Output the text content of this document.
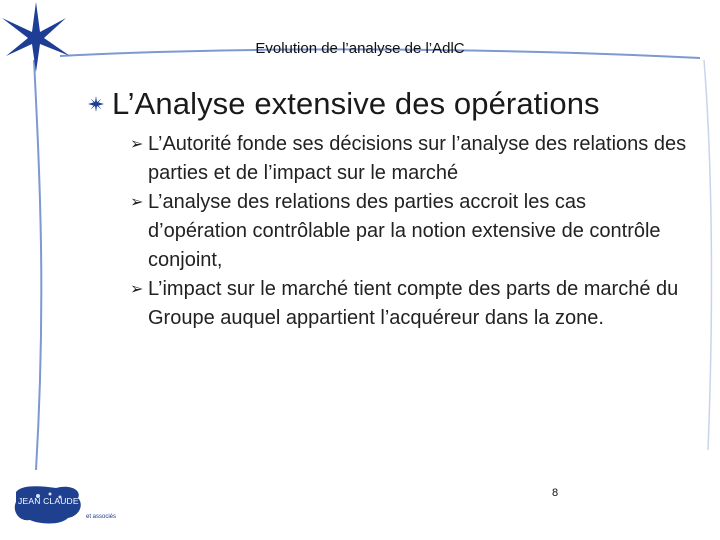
Evolution de l’analyse de l’AdlC
L’Analyse extensive des opérations
➢ L’Autorité fonde ses décisions sur l’analyse des relations des parties et de l’impact sur le marché
➢ L’analyse des relations des parties accroit les cas d’opération contrôlable par la notion extensive de contrôle conjoint,
➢ L’impact sur le marché tient compte des parts de marché du Groupe auquel appartient l’acquéreur dans la zone.
8
JEAN CLAUDE COULON
et associés
